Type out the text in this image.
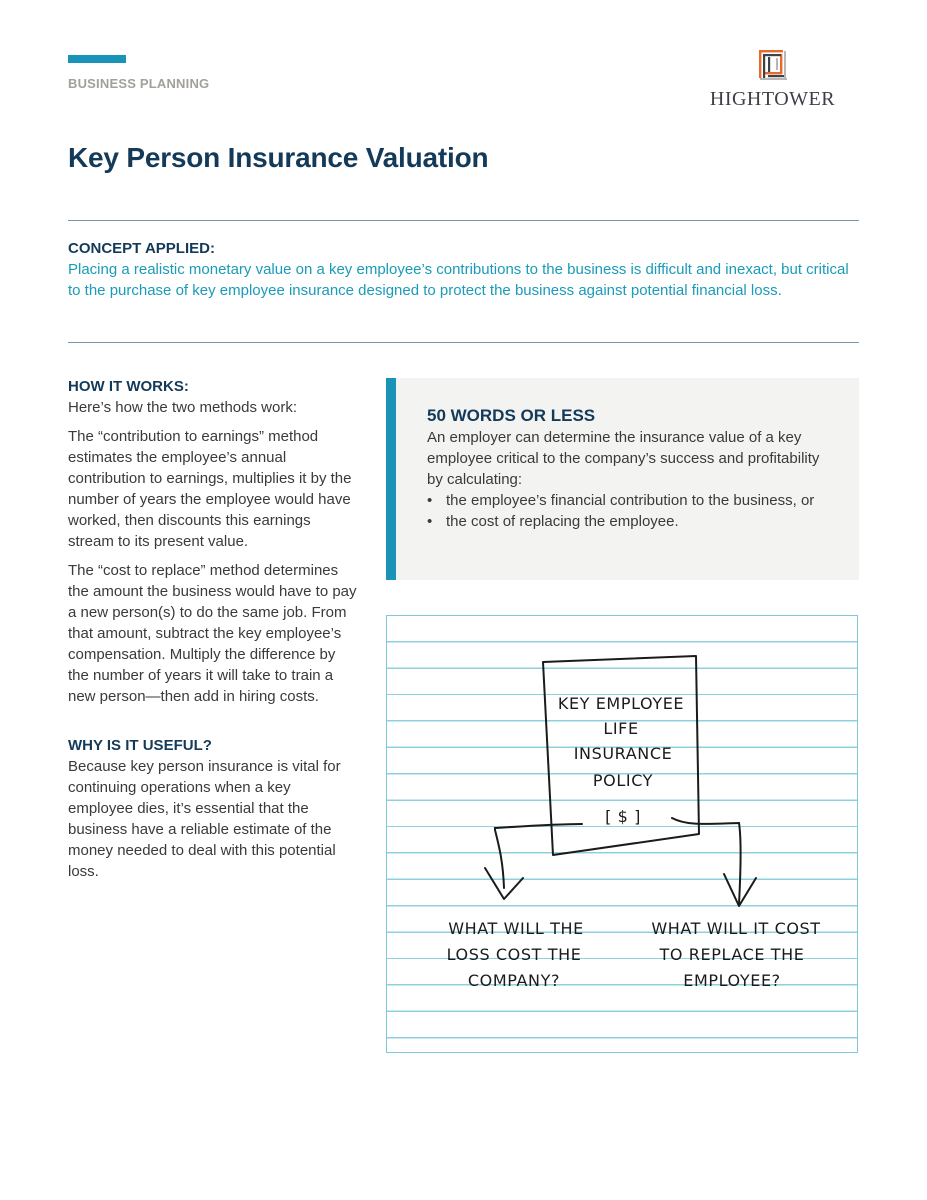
BUSINESS PLANNING
HIGHTOWER
Key Person Insurance Valuation

CONCEPT APPLIED:

Placing a realistic monetary value on a key employee’s contributions to the business is difficult and inexact, but critical to the purchase of key employee insurance designed to protect the business against potential financial loss.

HOW IT WORKS:

Here’s how the two methods work:

The “contribution to earnings” method estimates the employee’s annual contribution to earnings, multiplies it by the number of years the employee would have worked, then discounts this earnings stream to its present value.

The “cost to replace” method determines the amount the business would have to pay a new person(s) to do the same job. From that amount, subtract the key employee’s compensation. Multiply the difference by the number of years it will take to train a new person—then add in hiring costs.

WHY IS IT USEFUL?

Because key person insurance is vital for continuing operations when a key employee dies, it’s essential that the business have a reliable estimate of the money needed to deal with this potential loss.

50 WORDS OR LESS

An employer can determine the insurance value of a key employee critical to the company’s success and profitability by calculating:

• the employee’s financial contribution to the business, or
• the cost of replacing the employee.
KEY EMPLOYEE
LIFE
INSURANCE
POLICY
[ $ ]
WHAT WILL THE
LOSS COST THE
COMPANY?
WHAT WILL IT COST
TO REPLACE THE
EMPLOYEE?
